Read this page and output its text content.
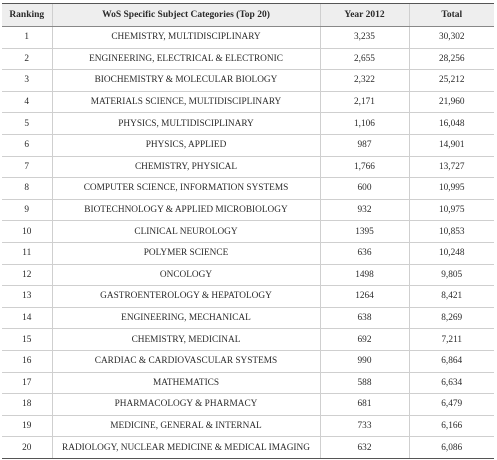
Ranking	WoS Specific Subject Categories (Top 20)	Year 2012	Total
1	CHEMISTRY, MULTIDISCIPLINARY	3,235	30,302
2	ENGINEERING, ELECTRICAL & ELECTRONIC	2,655	28,256
3	BIOCHEMISTRY & MOLECULAR BIOLOGY	2,322	25,212
4	MATERIALS SCIENCE, MULTIDISCIPLINARY	2,171	21,960
5	PHYSICS, MULTIDISCIPLINARY	1,106	16,048
6	PHYSICS, APPLIED	987	14,901
7	CHEMISTRY, PHYSICAL	1,766	13,727
8	COMPUTER SCIENCE, INFORMATION SYSTEMS	600	10,995
9	BIOTECHNOLOGY & APPLIED MICROBIOLOGY	932	10,975
10	CLINICAL NEUROLOGY	1395	10,853
11	POLYMER SCIENCE	636	10,248
12	ONCOLOGY	1498	9,805
13	GASTROENTEROLOGY & HEPATOLOGY	1264	8,421
14	ENGINEERING, MECHANICAL	638	8,269
15	CHEMISTRY, MEDICINAL	692	7,211
16	CARDIAC & CARDIOVASCULAR SYSTEMS	990	6,864
17	MATHEMATICS	588	6,634
18	PHARMACOLOGY & PHARMACY	681	6,479
19	MEDICINE, GENERAL & INTERNAL	733	6,166
20	RADIOLOGY, NUCLEAR MEDICINE & MEDICAL IMAGING	632	6,086
